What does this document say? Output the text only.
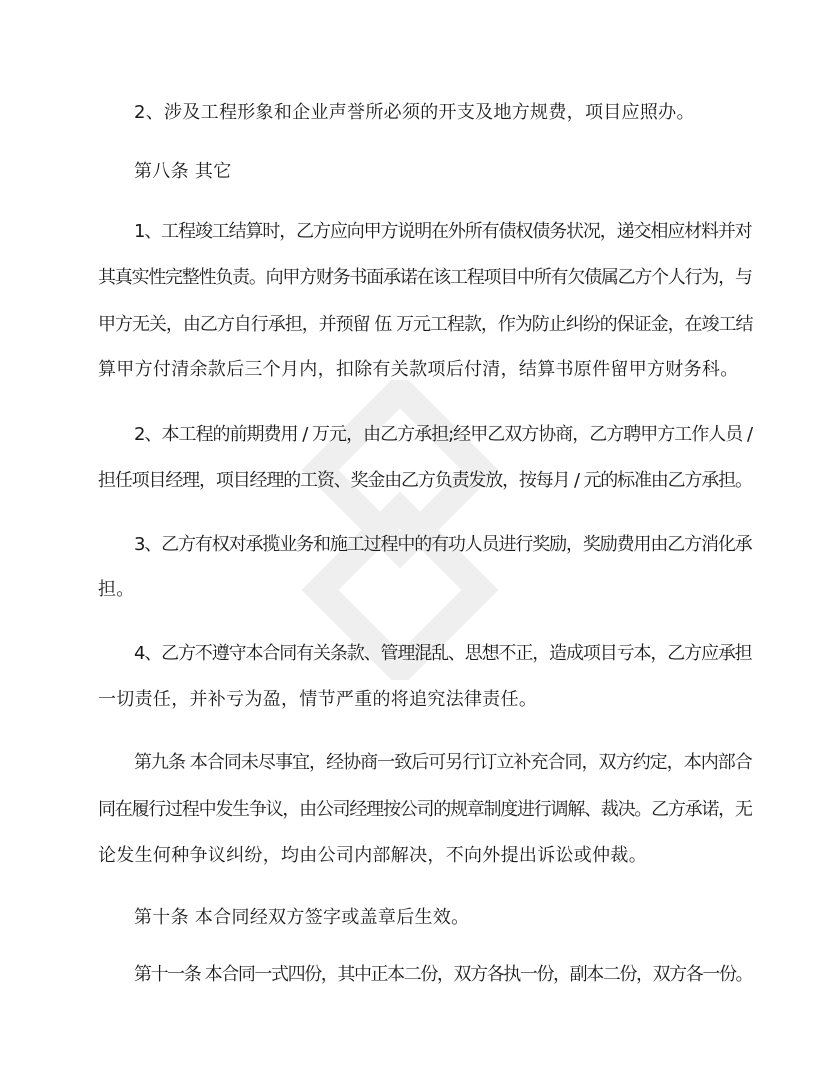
2、涉及工程形象和企业声誉所必须的开支及地方规费，项目应照办。
第八条 其它
1、工程竣工结算时，乙方应向甲方说明在外所有债权债务状况，递交相应材料并对
其真实性完整性负责。向甲方财务书面承诺在该工程项目中所有欠债属乙方个人行为，与
甲方无关，由乙方自行承担，并预留 伍 万元工程款，作为防止纠纷的保证金，在竣工结
算甲方付清余款后三个月内，扣除有关款项后付清，结算书原件留甲方财务科。
2、本工程的前期费用 / 万元，由乙方承担;经甲乙双方协商，乙方聘甲方工作人员 /
担任项目经理，项目经理的工资、奖金由乙方负责发放，按每月 / 元的标准由乙方承担。
3、乙方有权对承揽业务和施工过程中的有功人员进行奖励，奖励费用由乙方消化承
担。
4、乙方不遵守本合同有关条款、管理混乱、思想不正，造成项目亏本，乙方应承担
一切责任，并补亏为盈，情节严重的将追究法律责任。
第九条 本合同未尽事宜，经协商一致后可另行订立补充合同，双方约定，本内部合
同在履行过程中发生争议，由公司经理按公司的规章制度进行调解、裁决。乙方承诺，无
论发生何种争议纠纷，均由公司内部解决，不向外提出诉讼或仲裁。
第十条 本合同经双方签字或盖章后生效。
第十一条 本合同一式四份，其中正本二份，双方各执一份，副本二份，双方各一份。
